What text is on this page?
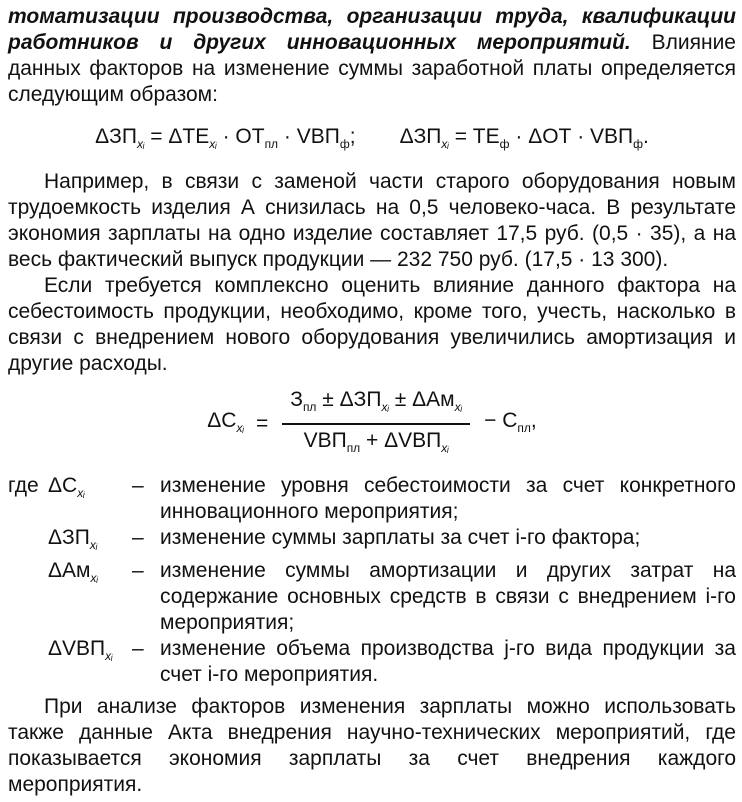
томатизации производства, организации труда, квалификации работников и других инновационных мероприятий. Влияние данных факторов на изменение суммы заработной платы определяется следующим образом:

$\Delta ЗП_{xᵢ} = \Delta ТЕ_{xᵢ} \cdot ОТ_{пл} \cdot VВП_ф$; $\Delta ЗП_{xᵢ} = ТЕ_ф \cdot \Delta ОТ \cdot VВП_ф$.

Например, в связи с заменой части старого оборудования новым трудоемкость изделия А снизилась на 0,5 человеко-часа. В результате экономия зарплаты на одно изделие составляет 17,5 руб. (0,5 · 35), а на весь фактический выпуск продукции — 232 750 руб. (17,5 · 13 300).

Если требуется комплексно оценить влияние данного фактора на себестоимость продукции, необходимо, кроме того, учесть, насколько в связи с внедрением нового оборудования увеличились амортизация и другие расходы.

$\Delta C_{xᵢ} = \frac{З_{пл} \pm \Delta ЗП_{xᵢ} \pm \Delta Ам_{xᵢ}}{VВП_{пл} + \Delta VВП_{xᵢ}} - С_{пл}$,
где $\Delta C_{xᵢ}$	– изменение уровня себестоимости за счет конкретного инновационного мероприятия;
$\Delta ЗП_{xᵢ}$	– изменение суммы зарплаты за счет i-го фактора;
ΔАм$_{xᵢ}$	– изменение суммы амортизации и других затрат на содержание основных средств в связи с внедрением i-го мероприятия;
$\Delta VВП_{xᵢ}$ – изменение объема производства j-го вида продукции за счет i-го мероприятия.

При анализе факторов изменения зарплаты можно использовать также данные Акта внедрения научно-технических мероприятий, где показывается экономия зарплаты за счет внедрения каждого мероприятия.
